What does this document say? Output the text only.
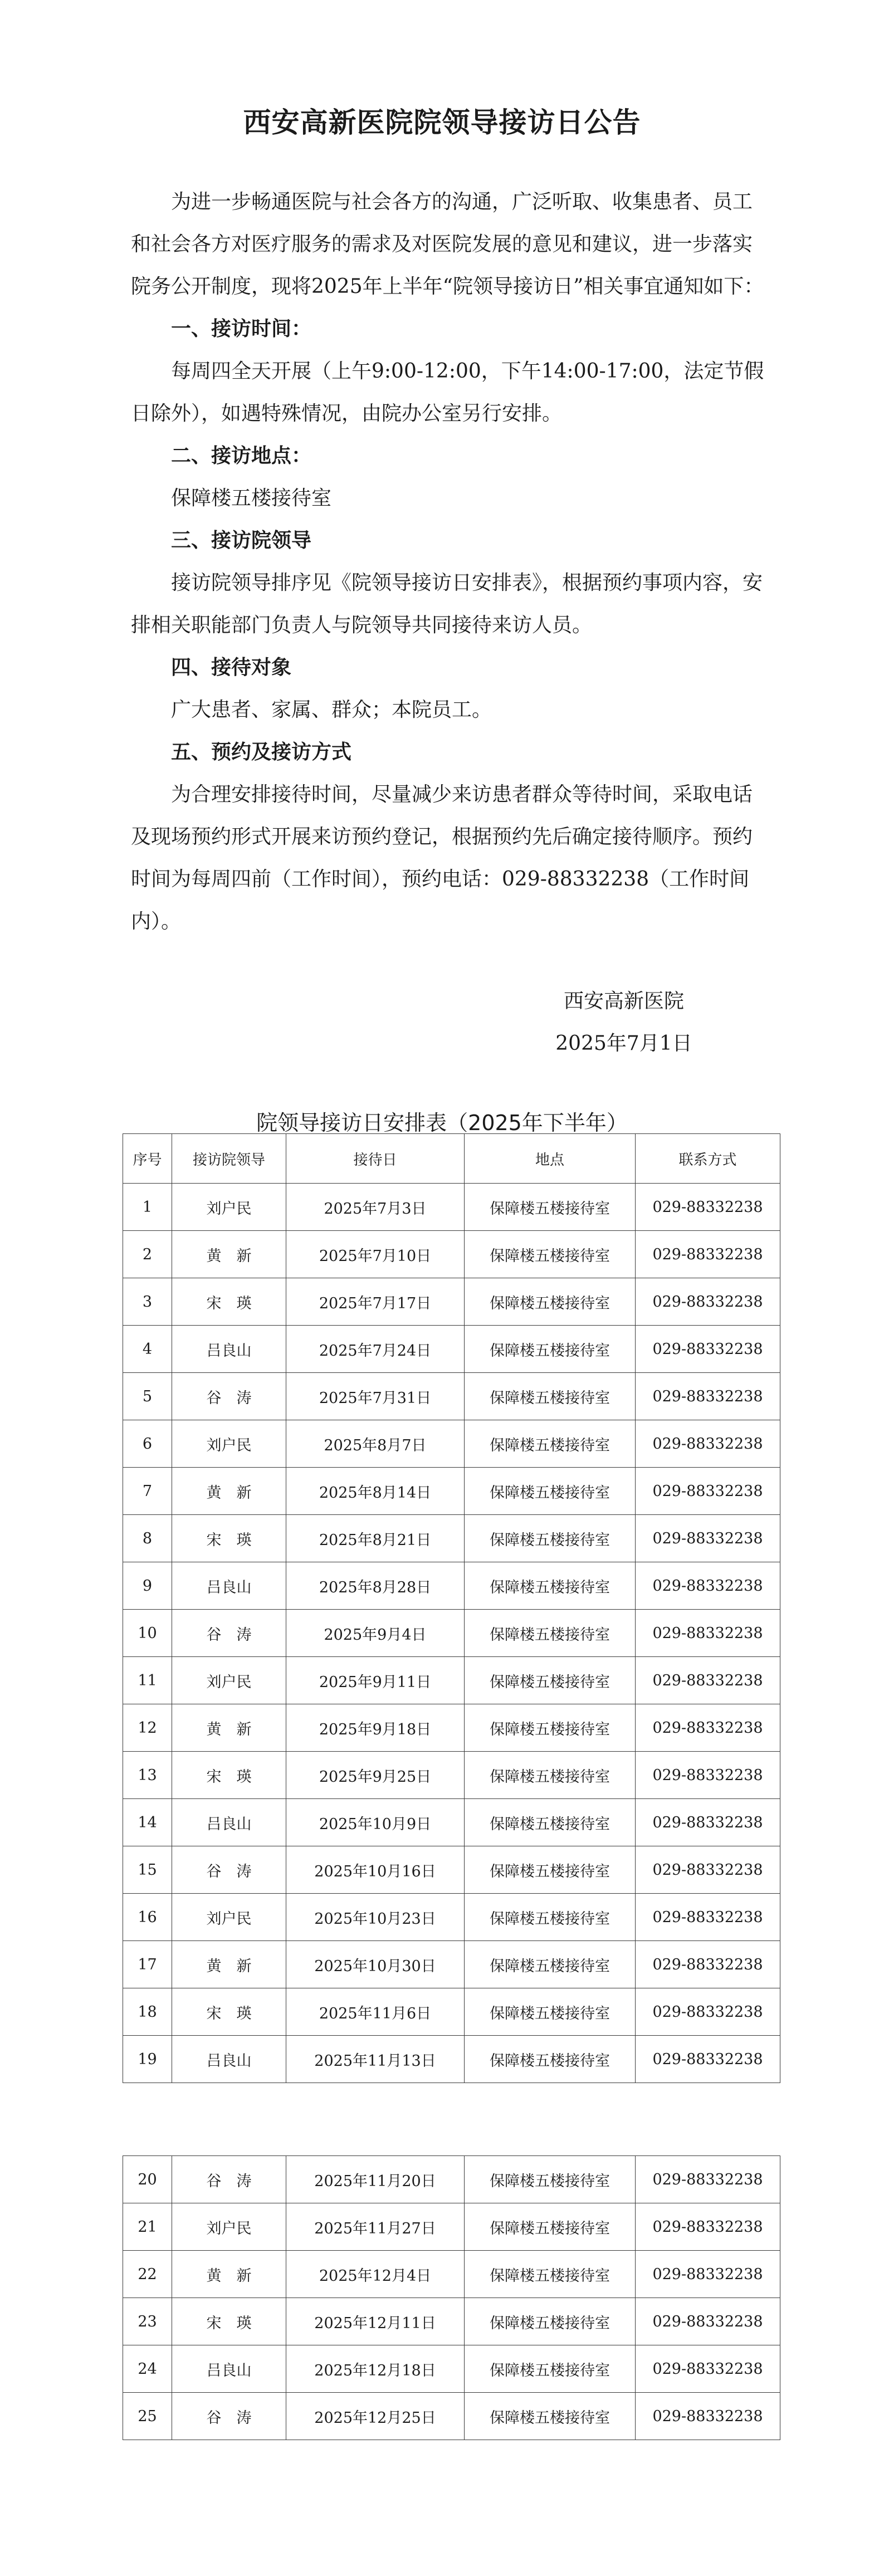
西安高新医院院领导接访日公告

为进一步畅通医院与社会各方的沟通，广泛听取、收集患者、员工和社会各方对医疗服务的需求及对医院发展的意见和建议，进一步落实院务公开制度，现将2025年上半年“院领导接访日”相关事宜通知如下：

一、接访时间：

每周四全天开展（上午9:00-12:00，下午14:00-17:00，法定节假日除外），如遇特殊情况，由院办公室另行安排。

二、接访地点：

保障楼五楼接待室

三、接访院领导

接访院领导排序见《院领导接访日安排表》，根据预约事项内容，安排相关职能部门负责人与院领导共同接待来访人员。

四、接待对象

广大患者、家属、群众；本院员工。

五、预约及接访方式

为合理安排接待时间，尽量减少来访患者群众等待时间，采取电话及现场预约形式开展来访预约登记，根据预约先后确定接待顺序。预约时间为每周四前（工作时间），预约电话：029-88332238（工作时间内）。

西安高新医院
2025年7月1日
院领导接访日安排表（2025年下半年）
序号	接访院领导	接待日	地点	联系方式
1	刘户民	2025年7月3日	保障楼五楼接待室	029-88332238
2	黄　新	2025年7月10日	保障楼五楼接待室	029-88332238
3	宋　瑛	2025年7月17日	保障楼五楼接待室	029-88332238
4	吕良山	2025年7月24日	保障楼五楼接待室	029-88332238
5	谷　涛	2025年7月31日	保障楼五楼接待室	029-88332238
6	刘户民	2025年8月7日	保障楼五楼接待室	029-88332238
7	黄　新	2025年8月14日	保障楼五楼接待室	029-88332238
8	宋　瑛	2025年8月21日	保障楼五楼接待室	029-88332238
9	吕良山	2025年8月28日	保障楼五楼接待室	029-88332238
10	谷　涛	2025年9月4日	保障楼五楼接待室	029-88332238
11	刘户民	2025年9月11日	保障楼五楼接待室	029-88332238
12	黄　新	2025年9月18日	保障楼五楼接待室	029-88332238
13	宋　瑛	2025年9月25日	保障楼五楼接待室	029-88332238
14	吕良山	2025年10月9日	保障楼五楼接待室	029-88332238
15	谷　涛	2025年10月16日	保障楼五楼接待室	029-88332238
16	刘户民	2025年10月23日	保障楼五楼接待室	029-88332238
17	黄　新	2025年10月30日	保障楼五楼接待室	029-88332238
18	宋　瑛	2025年11月6日	保障楼五楼接待室	029-88332238
19	吕良山	2025年11月13日	保障楼五楼接待室	029-88332238
20	谷　涛	2025年11月20日	保障楼五楼接待室	029-88332238
21	刘户民	2025年11月27日	保障楼五楼接待室	029-88332238
22	黄　新	2025年12月4日	保障楼五楼接待室	029-88332238
23	宋　瑛	2025年12月11日	保障楼五楼接待室	029-88332238
24	吕良山	2025年12月18日	保障楼五楼接待室	029-88332238
25	谷　涛	2025年12月25日	保障楼五楼接待室	029-88332238
